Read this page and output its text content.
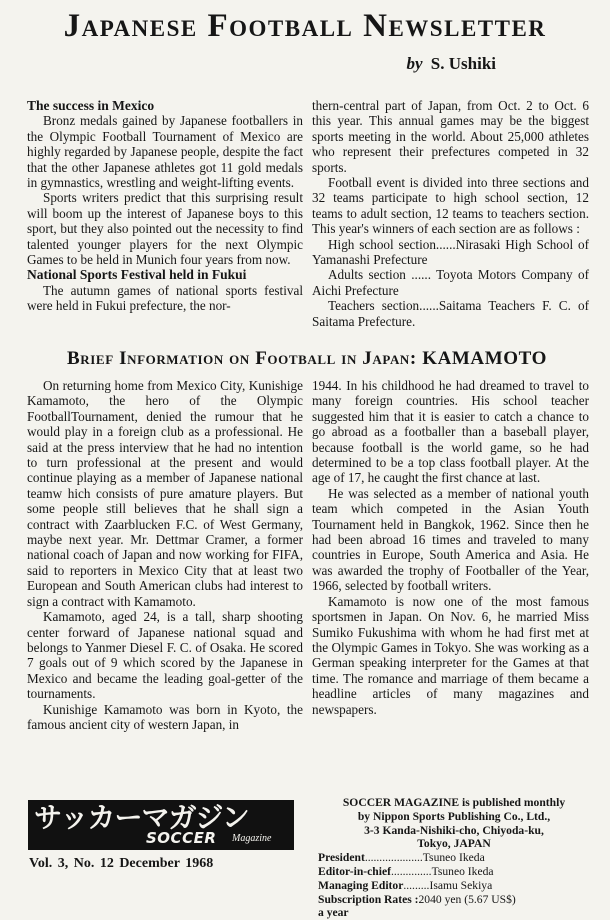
Japanese Football Newsletter
by S. Ushiki
The success in Mexico

Bronz medals gained by Japanese footballers in the Olympic Football Tournament of Mexico are highly regarded by Japanese people, despite the fact that the other Japanese athletes got 11 gold medals in gymnastics, wrestling and weight-lifting events.

Sports writers predict that this surprising result will boom up the interest of Japanese boys to this sport, but they also pointed out the necessity to find talented younger players for the next Olympic Games to be held in Munich four years from now.

National Sports Festival held in Fukui

The autumn games of national sports festival were held in Fukui prefecture, the nor-

thern-central part of Japan, from Oct. 2 to Oct. 6 this year. This annual games may be the biggest sports meeting in the world. About 25,000 athletes who represent their prefectures competed in 32 sports.

Football event is divided into three sections and 32 teams participate to high school section, 12 teams to adult section, 12 teams to teachers section. This year's winners of each section are as follows :

High school section......Nirasaki High School of Yamanashi Prefecture

Adults section ...... Toyota Motors Company of Aichi Prefecture

Teachers section......Saitama Teachers F. C. of Saitama Prefecture.

Brief Information on Football in Japan: KAMAMOTO

On returning home from Mexico City, Kunishige Kamamoto, the hero of the Olympic FootballTournament, denied the rumour that he would play in a foreign club as a professional. He said at the press interview that he had no intention to turn professional at the present and would continue playing as a member of Japanese national teamw hich consists of pure amature players. But some people still believes that he shall sign a contract with Zaarblucken F.C. of West Germany, maybe next year. Mr. Dettmar Cramer, a former national coach of Japan and now working for FIFA, said to reporters in Mexico City that at least two European and South American clubs had interest to sign a contract with Kamamoto.

Kamamoto, aged 24, is a tall, sharp shooting center forward of Japanese national squad and belongs to Yanmer Diesel F. C. of Osaka. He scored 7 goals out of 9 which scored by the Japanese in Mexico and became the leading goal-getter of the tournaments.

Kunishige Kamamoto was born in Kyoto, the famous ancient city of western Japan, in

1944. In his childhood he had dreamed to travel to many foreign countries. His school teacher suggested him that it is easier to catch a chance to go abroad as a footballer than a baseball player, because football is the world game, so he had determined to be a top class football player. At the age of 17, he caught the first chance at last.

He was selected as a member of national youth team which competed in the Asian Youth Tournament held in Bangkok, 1962. Since then he had been abroad 16 times and traveled to many countries in Europe, South America and Asia. He was awarded the trophy of Footballer of the Year, 1966, selected by football writers.

Kamamoto is now one of the most famous sportsmen in Japan. On Nov. 6, he married Miss Sumiko Fukushima with whom he had first met at the Olympic Games in Tokyo. She was working as a German speaking interpreter for the Games at that time. The romance and marriage of them became a headline articles of many magazines and newspapers.

サッカーマガジン
SOCCER Magazine
Vol. 3, No. 12 December 1968
SOCCER MAGAZINE is published monthly
by Nippon Sports Publishing Co., Ltd.,
3-3 Kanda-Nishiki-cho, Chiyoda-ku,
Tokyo, JAPAN
President .................... Tsuneo Ikeda
Editor-in-chief .............. Tsuneo Ikeda
Managing Editor ......... Isamu Sekiya
Subscription Rates : 2040 yen (5.67 US$)
a year
